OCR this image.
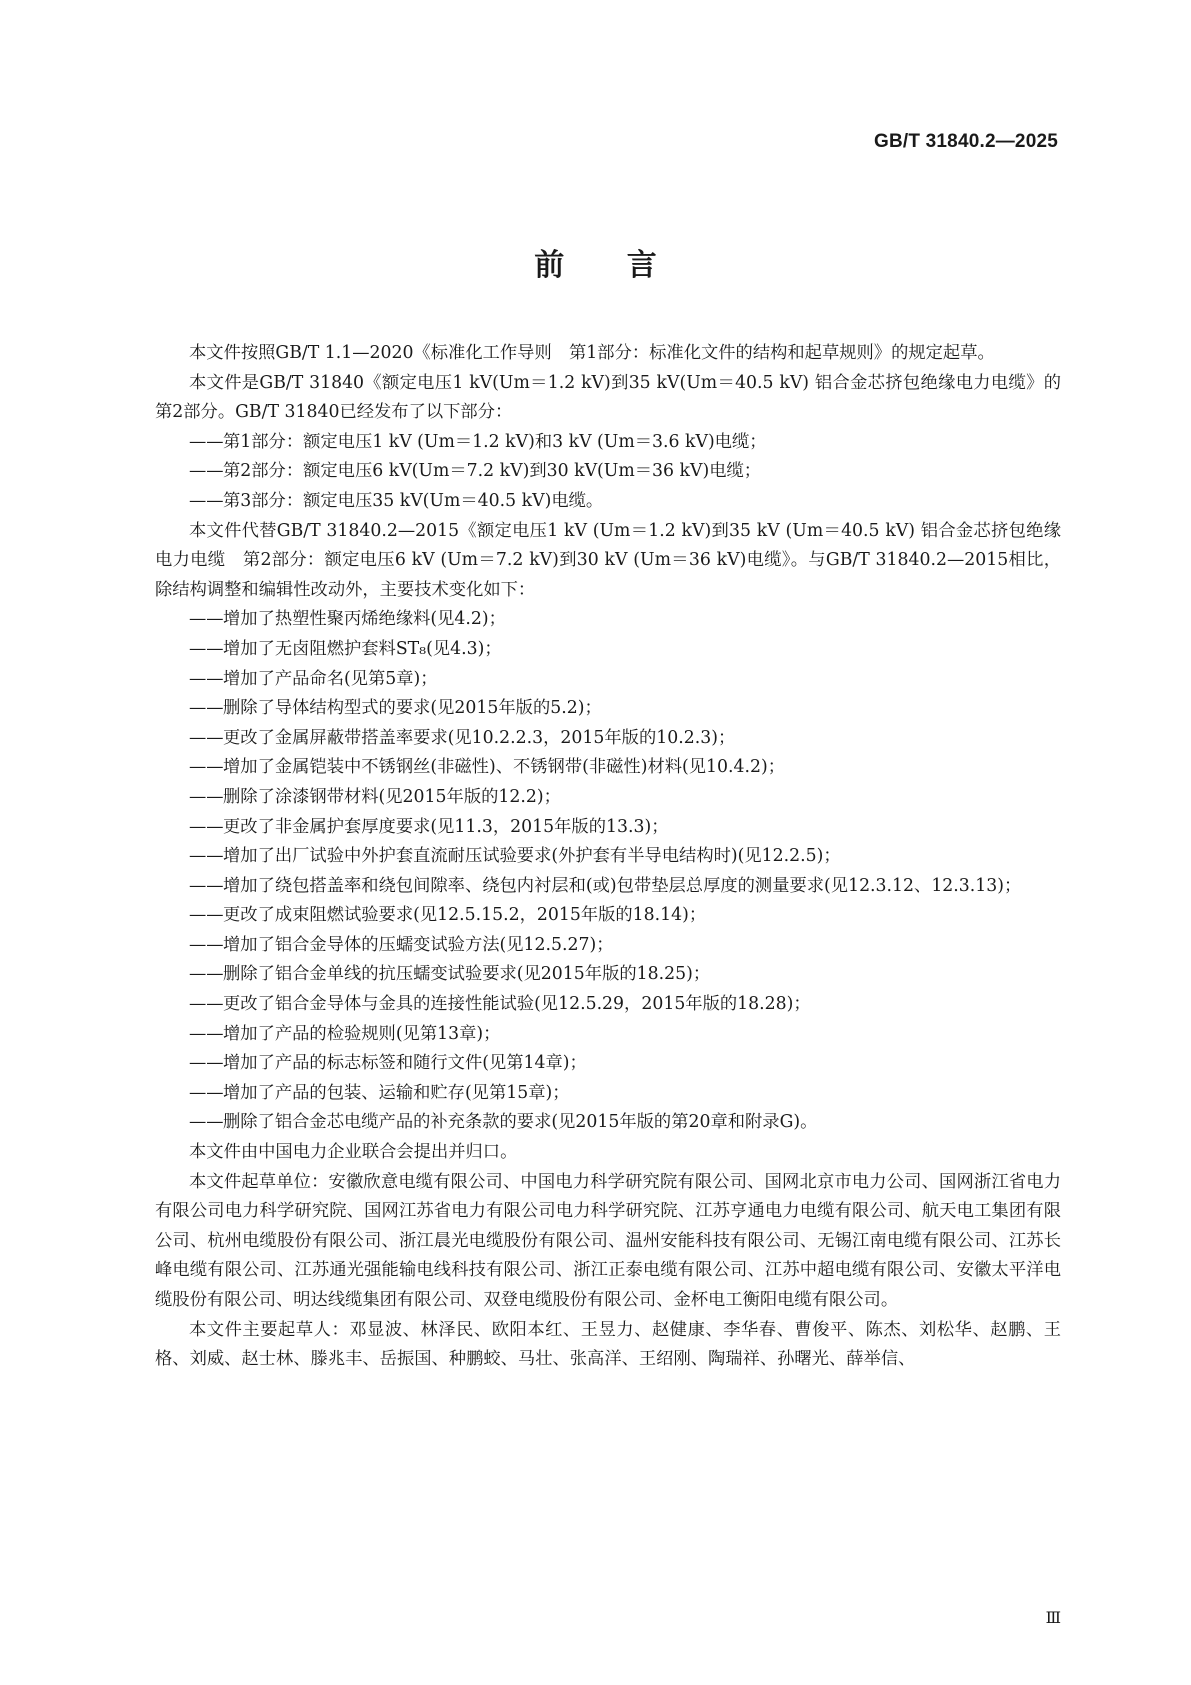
GB/T 31840.2—2025
前 言

本文件按照GB/T 1.1—2020《标准化工作导则　第1部分：标准化文件的结构和起草规则》的规定起草。

本文件是GB/T 31840《额定电压1 kV(Um＝1.2 kV)到35 kV(Um＝40.5 kV) 铝合金芯挤包绝缘电力电缆》的第2部分。GB/T 31840已经发布了以下部分：

——第1部分：额定电压1 kV (Um＝1.2 kV)和3 kV (Um＝3.6 kV)电缆；
——第2部分：额定电压6 kV(Um＝7.2 kV)到30 kV(Um＝36 kV)电缆；
——第3部分：额定电压35 kV(Um＝40.5 kV)电缆。

本文件代替GB/T 31840.2—2015《额定电压1 kV (Um＝1.2 kV)到35 kV (Um＝40.5 kV) 铝合金芯挤包绝缘电力电缆　第2部分：额定电压6 kV (Um＝7.2 kV)到30 kV (Um＝36 kV)电缆》。与GB/T 31840.2—2015相比，除结构调整和编辑性改动外，主要技术变化如下：

——增加了热塑性聚丙烯绝缘料(见4.2)；
——增加了无卤阻燃护套料ST₈(见4.3)；
——增加了产品命名(见第5章)；
——删除了导体结构型式的要求(见2015年版的5.2)；
——更改了金属屏蔽带搭盖率要求(见10.2.2.3，2015年版的10.2.3)；
——增加了金属铠装中不锈钢丝(非磁性)、不锈钢带(非磁性)材料(见10.4.2)；
——删除了涂漆钢带材料(见2015年版的12.2)；
——更改了非金属护套厚度要求(见11.3，2015年版的13.3)；
——增加了出厂试验中外护套直流耐压试验要求(外护套有半导电结构时)(见12.2.5)；
——增加了绕包搭盖率和绕包间隙率、绕包内衬层和(或)包带垫层总厚度的测量要求(见12.3.12、12.3.13)；
——更改了成束阻燃试验要求(见12.5.15.2，2015年版的18.14)；
——增加了铝合金导体的压蠕变试验方法(见12.5.27)；
——删除了铝合金单线的抗压蠕变试验要求(见2015年版的18.25)；
——更改了铝合金导体与金具的连接性能试验(见12.5.29，2015年版的18.28)；
——增加了产品的检验规则(见第13章)；
——增加了产品的标志标签和随行文件(见第14章)；
——增加了产品的包装、运输和贮存(见第15章)；
——删除了铝合金芯电缆产品的补充条款的要求(见2015年版的第20章和附录G)。

本文件由中国电力企业联合会提出并归口。

本文件起草单位：安徽欣意电缆有限公司、中国电力科学研究院有限公司、国网北京市电力公司、国网浙江省电力有限公司电力科学研究院、国网江苏省电力有限公司电力科学研究院、江苏亨通电力电缆有限公司、航天电工集团有限公司、杭州电缆股份有限公司、浙江晨光电缆股份有限公司、温州安能科技有限公司、无锡江南电缆有限公司、江苏长峰电缆有限公司、江苏通光强能输电线科技有限公司、浙江正泰电缆有限公司、江苏中超电缆有限公司、安徽太平洋电缆股份有限公司、明达线缆集团有限公司、双登电缆股份有限公司、金杯电工衡阳电缆有限公司。

本文件主要起草人：邓显波、林泽民、欧阳本红、王昱力、赵健康、李华春、曹俊平、陈杰、刘松华、赵鹏、王格、刘威、赵士林、滕兆丰、岳振国、种鹏蛟、马壮、张高洋、王绍刚、陶瑞祥、孙曙光、薛举信、

Ⅲ
